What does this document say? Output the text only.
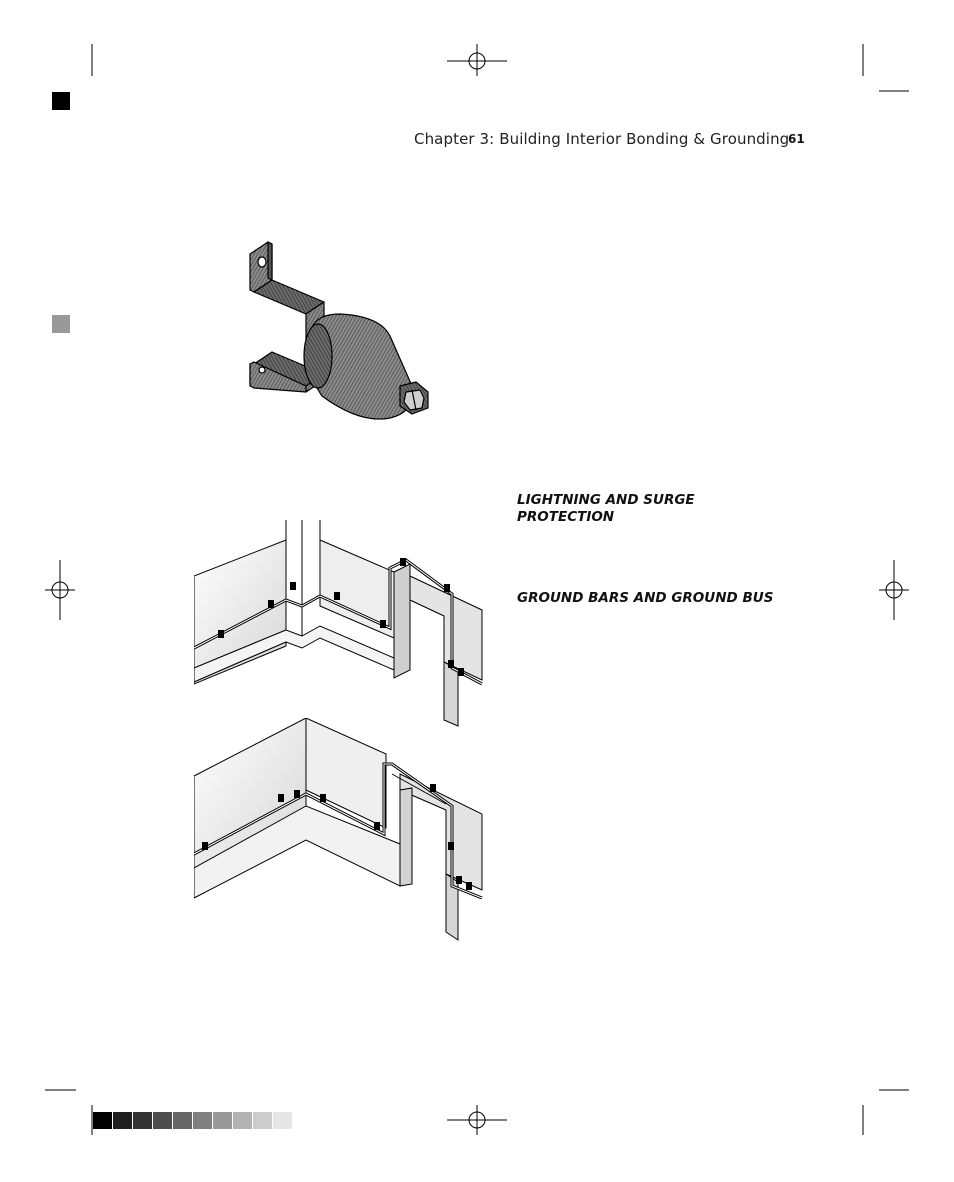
Chapter 3: Building Interior Bonding & Grounding
61
LIGHTNING AND SURGE PROTECTION
GROUND BARS AND GROUND BUS
